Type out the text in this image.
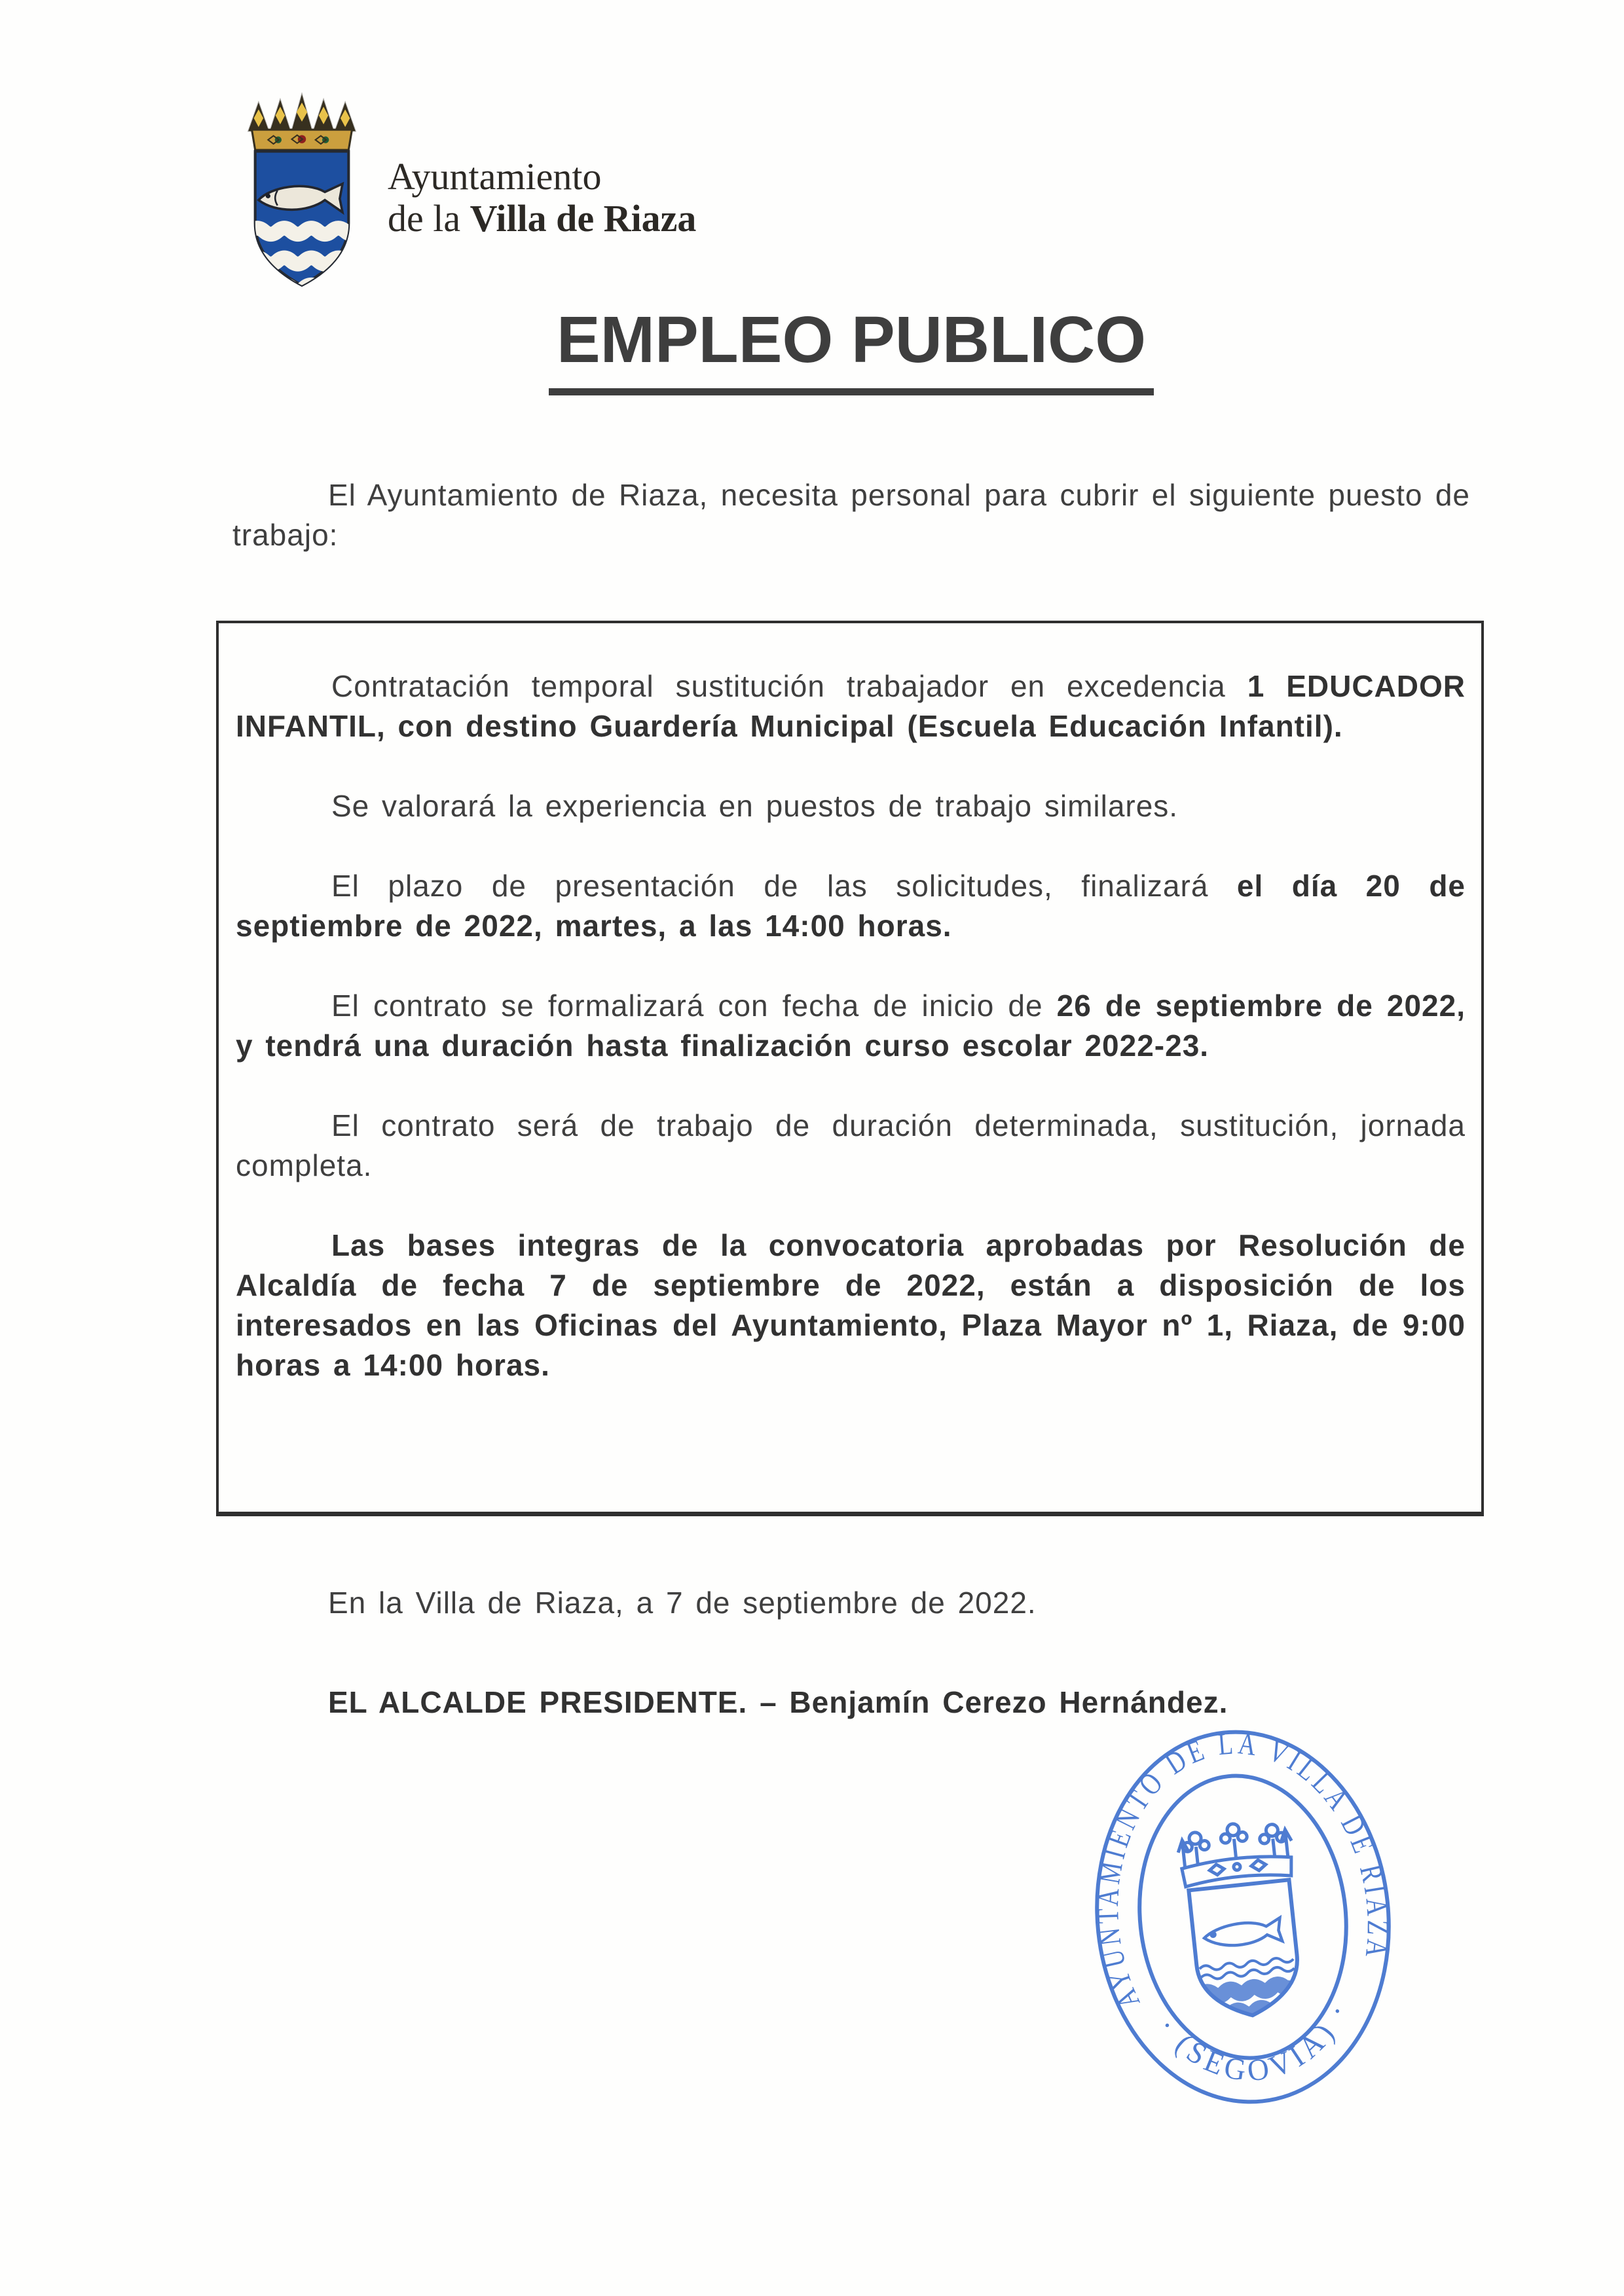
Ayuntamiento
de la Villa de Riaza
EMPLEO PUBLICO

El Ayuntamiento de Riaza, necesita personal para cubrir el siguiente puesto de trabajo:

Contratación temporal sustitución trabajador en excedencia 1 EDUCADOR INFANTIL, con destino Guardería Municipal (Escuela Educación Infantil).

Se valorará la experiencia en puestos de trabajo similares.

El plazo de presentación de las solicitudes, finalizará el día 20 de septiembre de 2022, martes, a las 14:00 horas.

El contrato se formalizará con fecha de inicio de 26 de septiembre de 2022, y tendrá una duración hasta finalización curso escolar 2022-23.

El contrato será de trabajo de duración determinada, sustitución, jornada completa.

Las bases integras de la convocatoria aprobadas por Resolución de Alcaldía de fecha 7 de septiembre de 2022, están a disposición de los interesados en las Oficinas del Ayuntamiento, Plaza Mayor nº 1, Riaza, de 9:00 horas a 14:00 horas.

En la Villa de Riaza, a 7 de septiembre de 2022.

EL ALCALDE PRESIDENTE. – Benjamín Cerezo Hernández.

AYUNTAMIENTO DE LA VILLA DE RIAZA
· (SEGOVIA) ·
